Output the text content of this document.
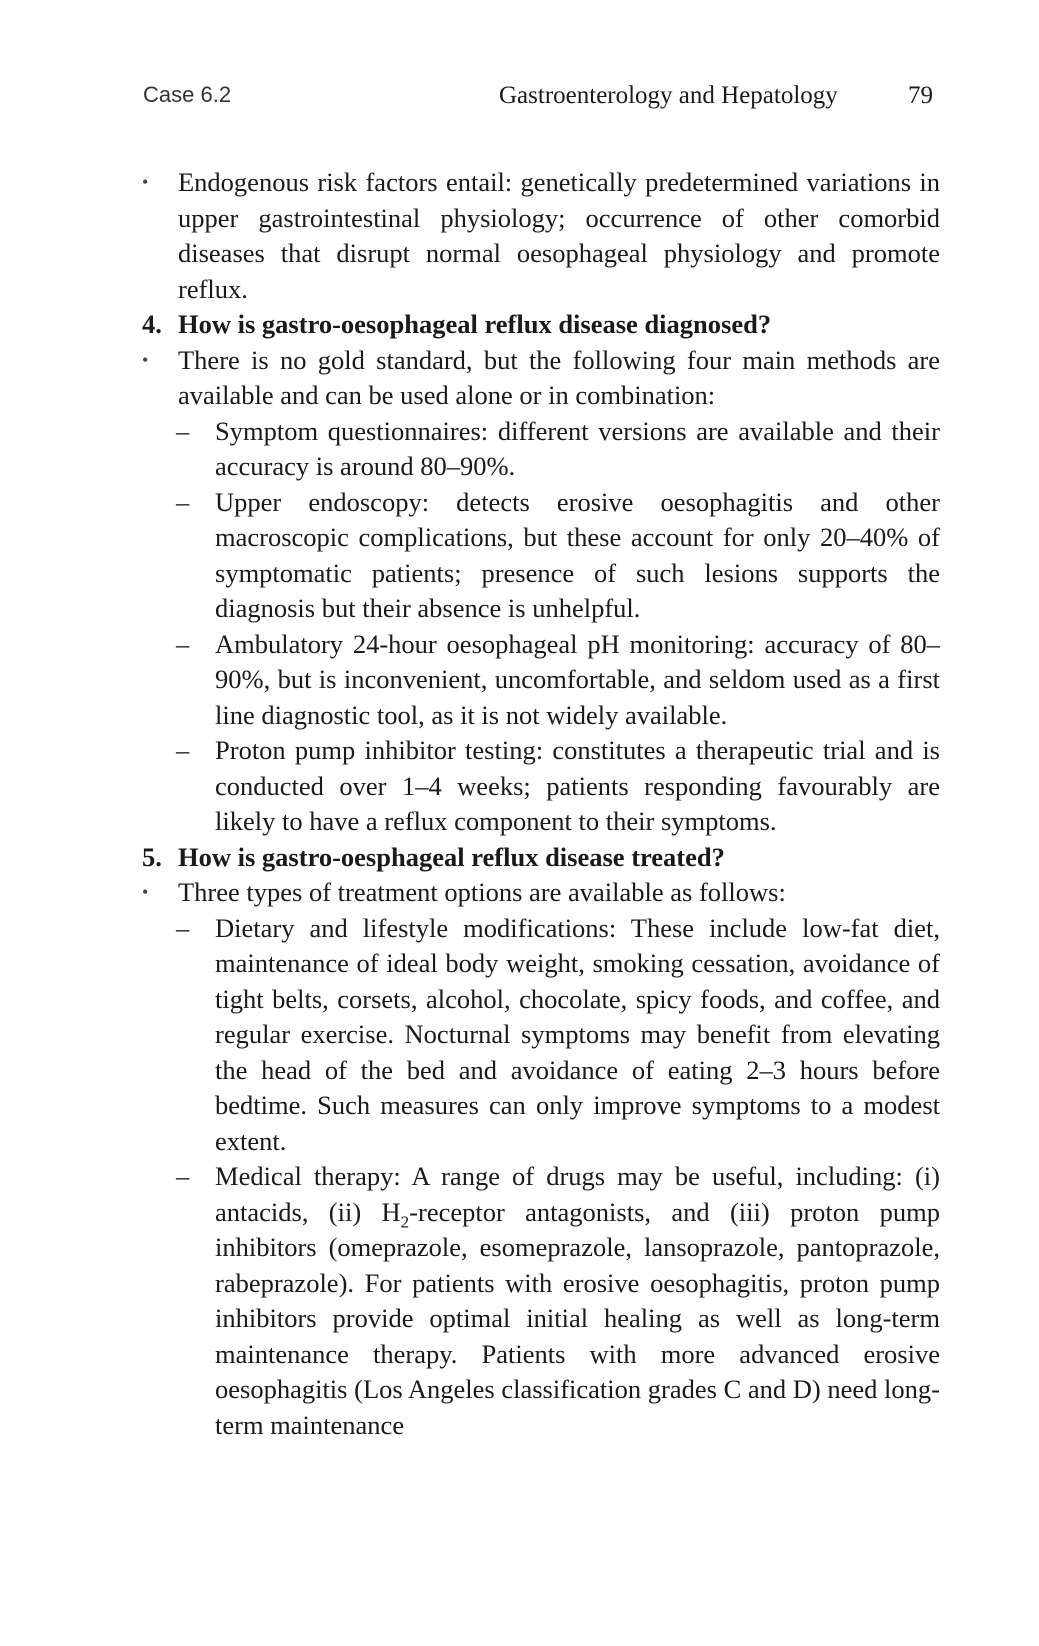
Case 6.2	Gastroenterology and Hepatology	79
• Endogenous risk factors entail: genetically predetermined variations in upper gastrointestinal physiology; occurrence of other comorbid diseases that disrupt normal oesophageal physiology and promote reflux.
4. How is gastro-oesophageal reflux disease diagnosed?
• There is no gold standard, but the following four main methods are available and can be used alone or in combination:
– Symptom questionnaires: different versions are available and their accuracy is around 80–90%.
– Upper endoscopy: detects erosive oesophagitis and other macroscopic complications, but these account for only 20–40% of symptomatic patients; presence of such lesions supports the diagnosis but their absence is unhelpful.
– Ambulatory 24-hour oesophageal pH monitoring: accuracy of 80–90%, but is inconvenient, uncomfortable, and seldom used as a first line diagnostic tool, as it is not widely available.
– Proton pump inhibitor testing: constitutes a therapeutic trial and is conducted over 1–4 weeks; patients responding favourably are likely to have a reflux component to their symptoms.
5. How is gastro-oesphageal reflux disease treated?
• Three types of treatment options are available as follows:
– Dietary and lifestyle modifications: These include low-fat diet, maintenance of ideal body weight, smoking cessation, avoidance of tight belts, corsets, alcohol, chocolate, spicy foods, and coffee, and regular exercise. Nocturnal symptoms may benefit from elevating the head of the bed and avoidance of eating 2–3 hours before bedtime. Such measures can only improve symptoms to a modest extent.
– Medical therapy: A range of drugs may be useful, including: (i) antacids, (ii) $H_2$-receptor antagonists, and (iii) proton pump inhibitors (omeprazole, esomeprazole, lansoprazole, pantoprazole, rabeprazole). For patients with erosive oesophagitis, proton pump inhibitors provide optimal initial healing as well as long-term maintenance therapy. Patients with more advanced erosive oesophagitis (Los Angeles classification grades C and D) need long-term maintenance
